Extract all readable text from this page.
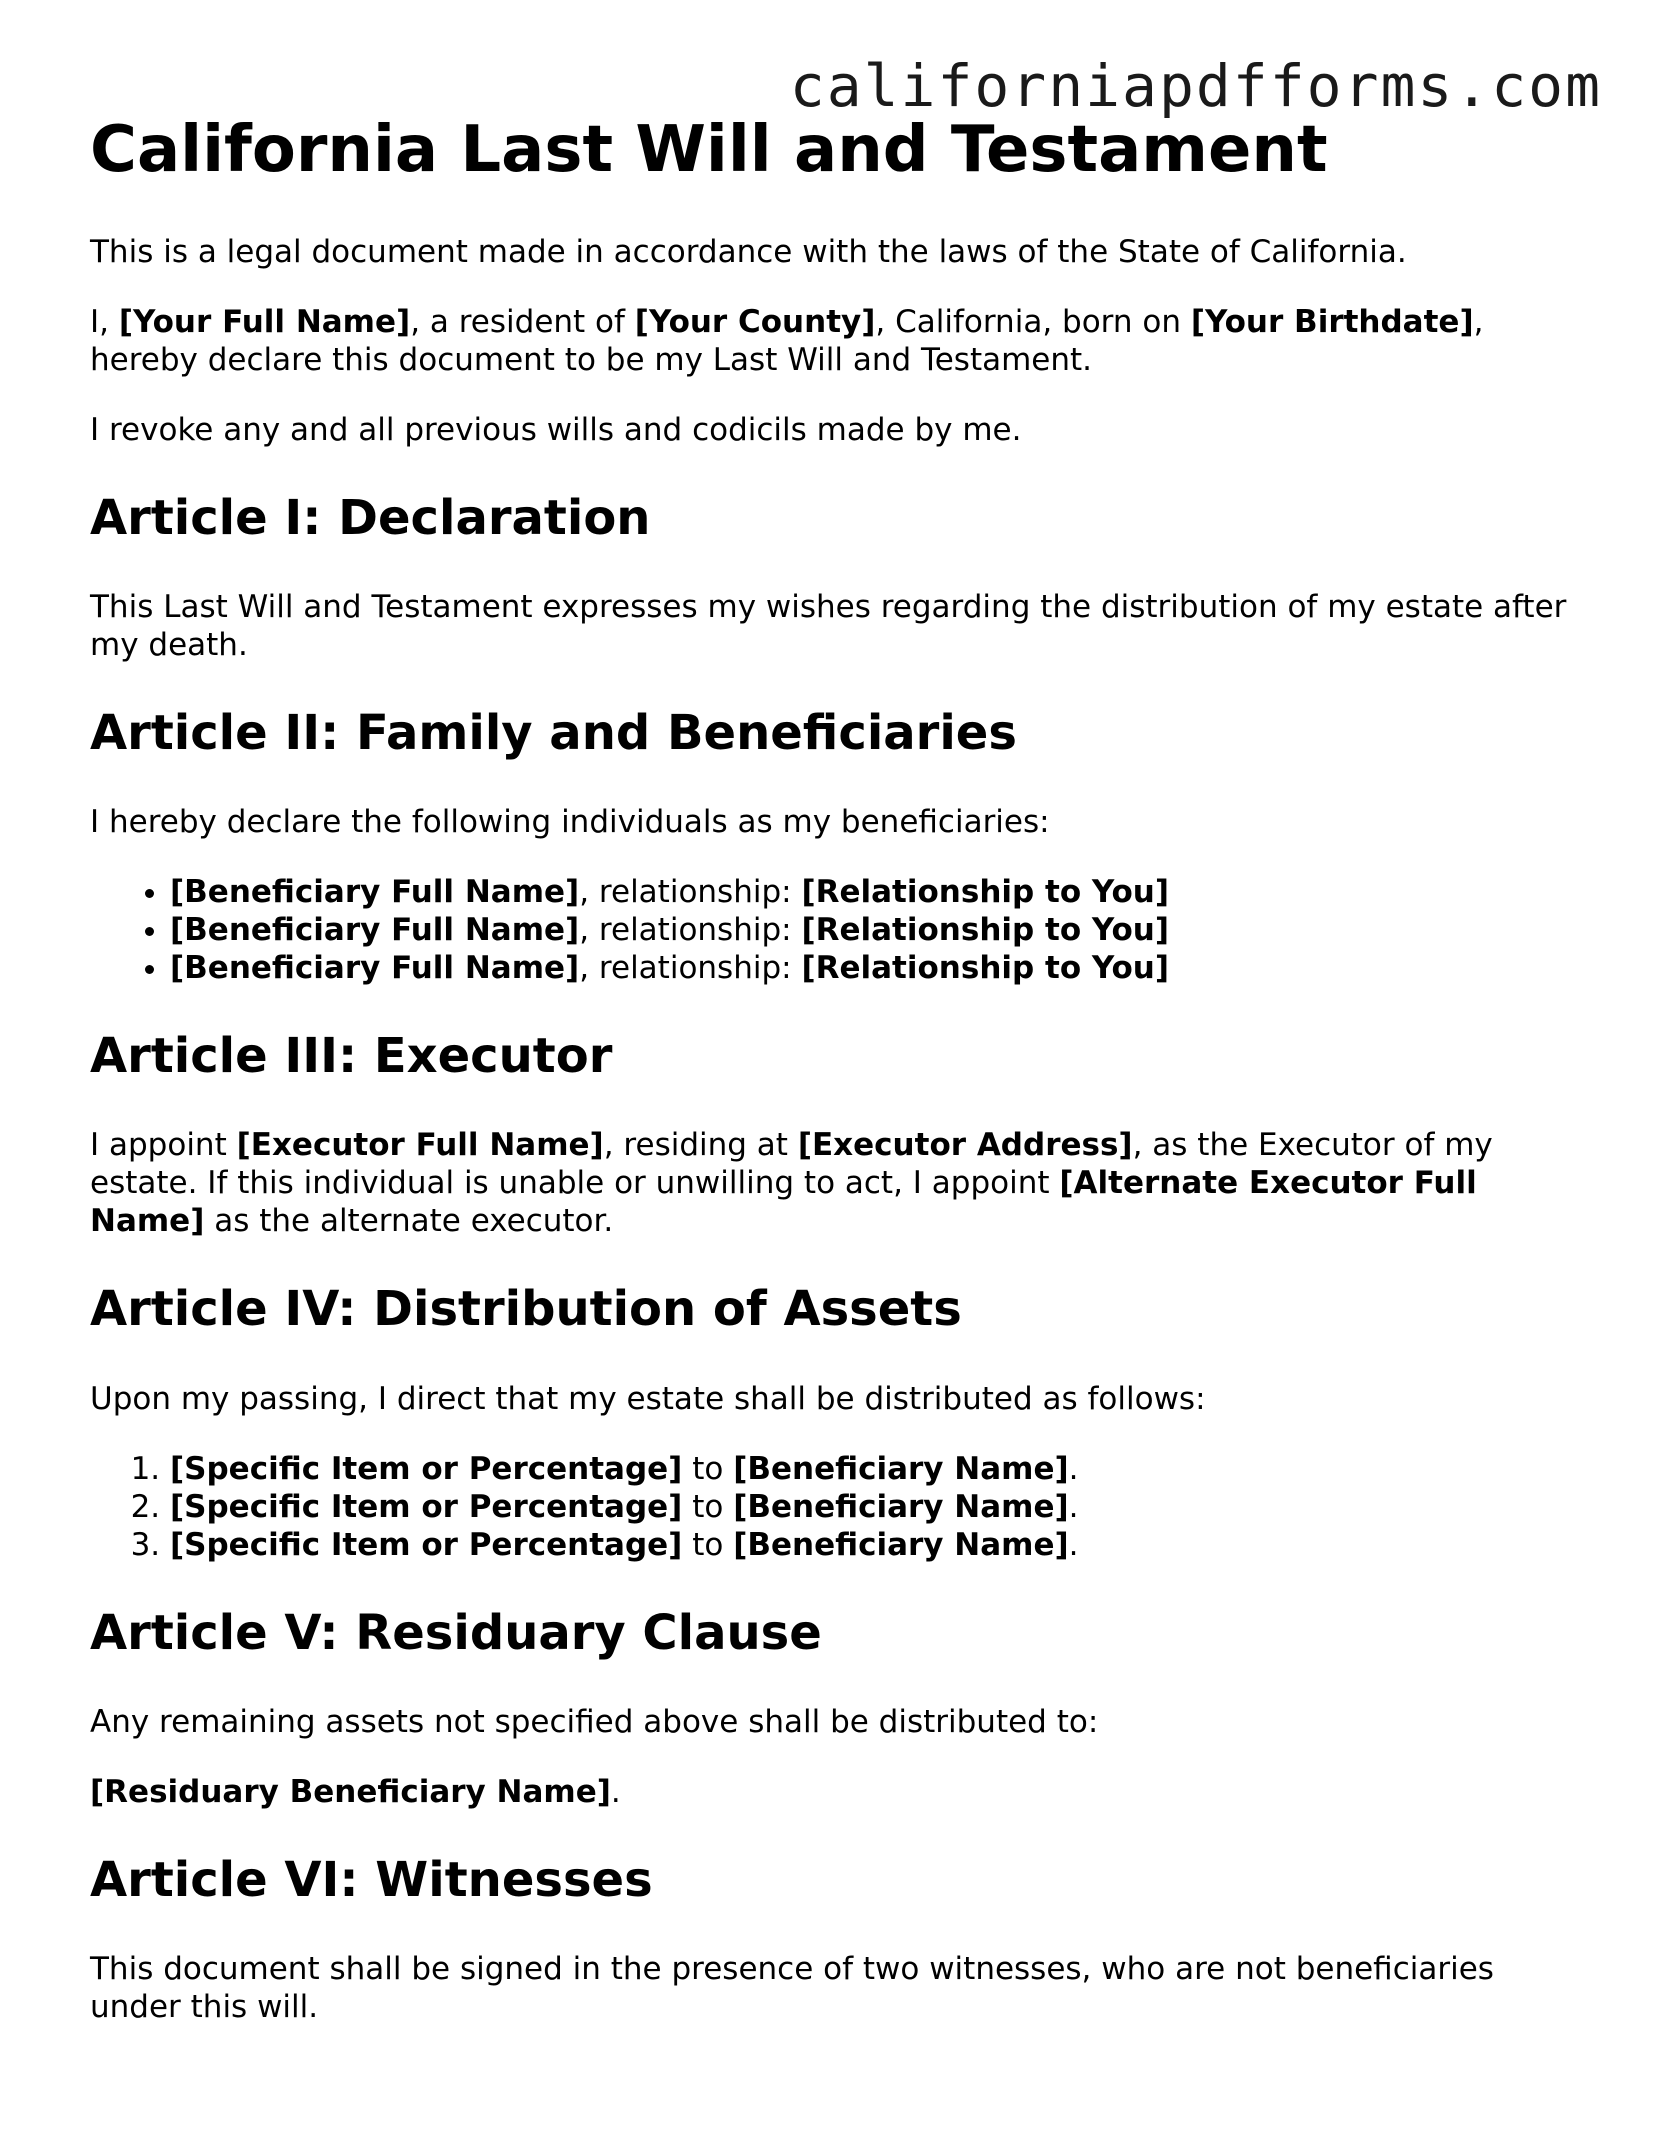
californiapdfforms.com
California Last Will and Testament

This is a legal document made in accordance with the laws of the State of California.

I, [Your Full Name], a resident of [Your County], California, born on [Your Birthdate], hereby declare this document to be my Last Will and Testament.

I revoke any and all previous wills and codicils made by me.

Article I: Declaration

This Last Will and Testament expresses my wishes regarding the distribution of my estate after my death.

Article II: Family and Beneficiaries

I hereby declare the following individuals as my beneficiaries:

• [Beneficiary Full Name], relationship: [Relationship to You]
• [Beneficiary Full Name], relationship: [Relationship to You]
• [Beneficiary Full Name], relationship: [Relationship to You]
Article III: Executor

I appoint [Executor Full Name], residing at [Executor Address], as the Executor of my estate. If this individual is unable or unwilling to act, I appoint [Alternate Executor Full Name] as the alternate executor.

Article IV: Distribution of Assets

Upon my passing, I direct that my estate shall be distributed as follows:

1. [Specific Item or Percentage] to [Beneficiary Name].
2. [Specific Item or Percentage] to [Beneficiary Name].
3. [Specific Item or Percentage] to [Beneficiary Name].
Article V: Residuary Clause

Any remaining assets not specified above shall be distributed to:

[Residuary Beneficiary Name].

Article VI: Witnesses

This document shall be signed in the presence of two witnesses, who are not beneficiaries under this will.
